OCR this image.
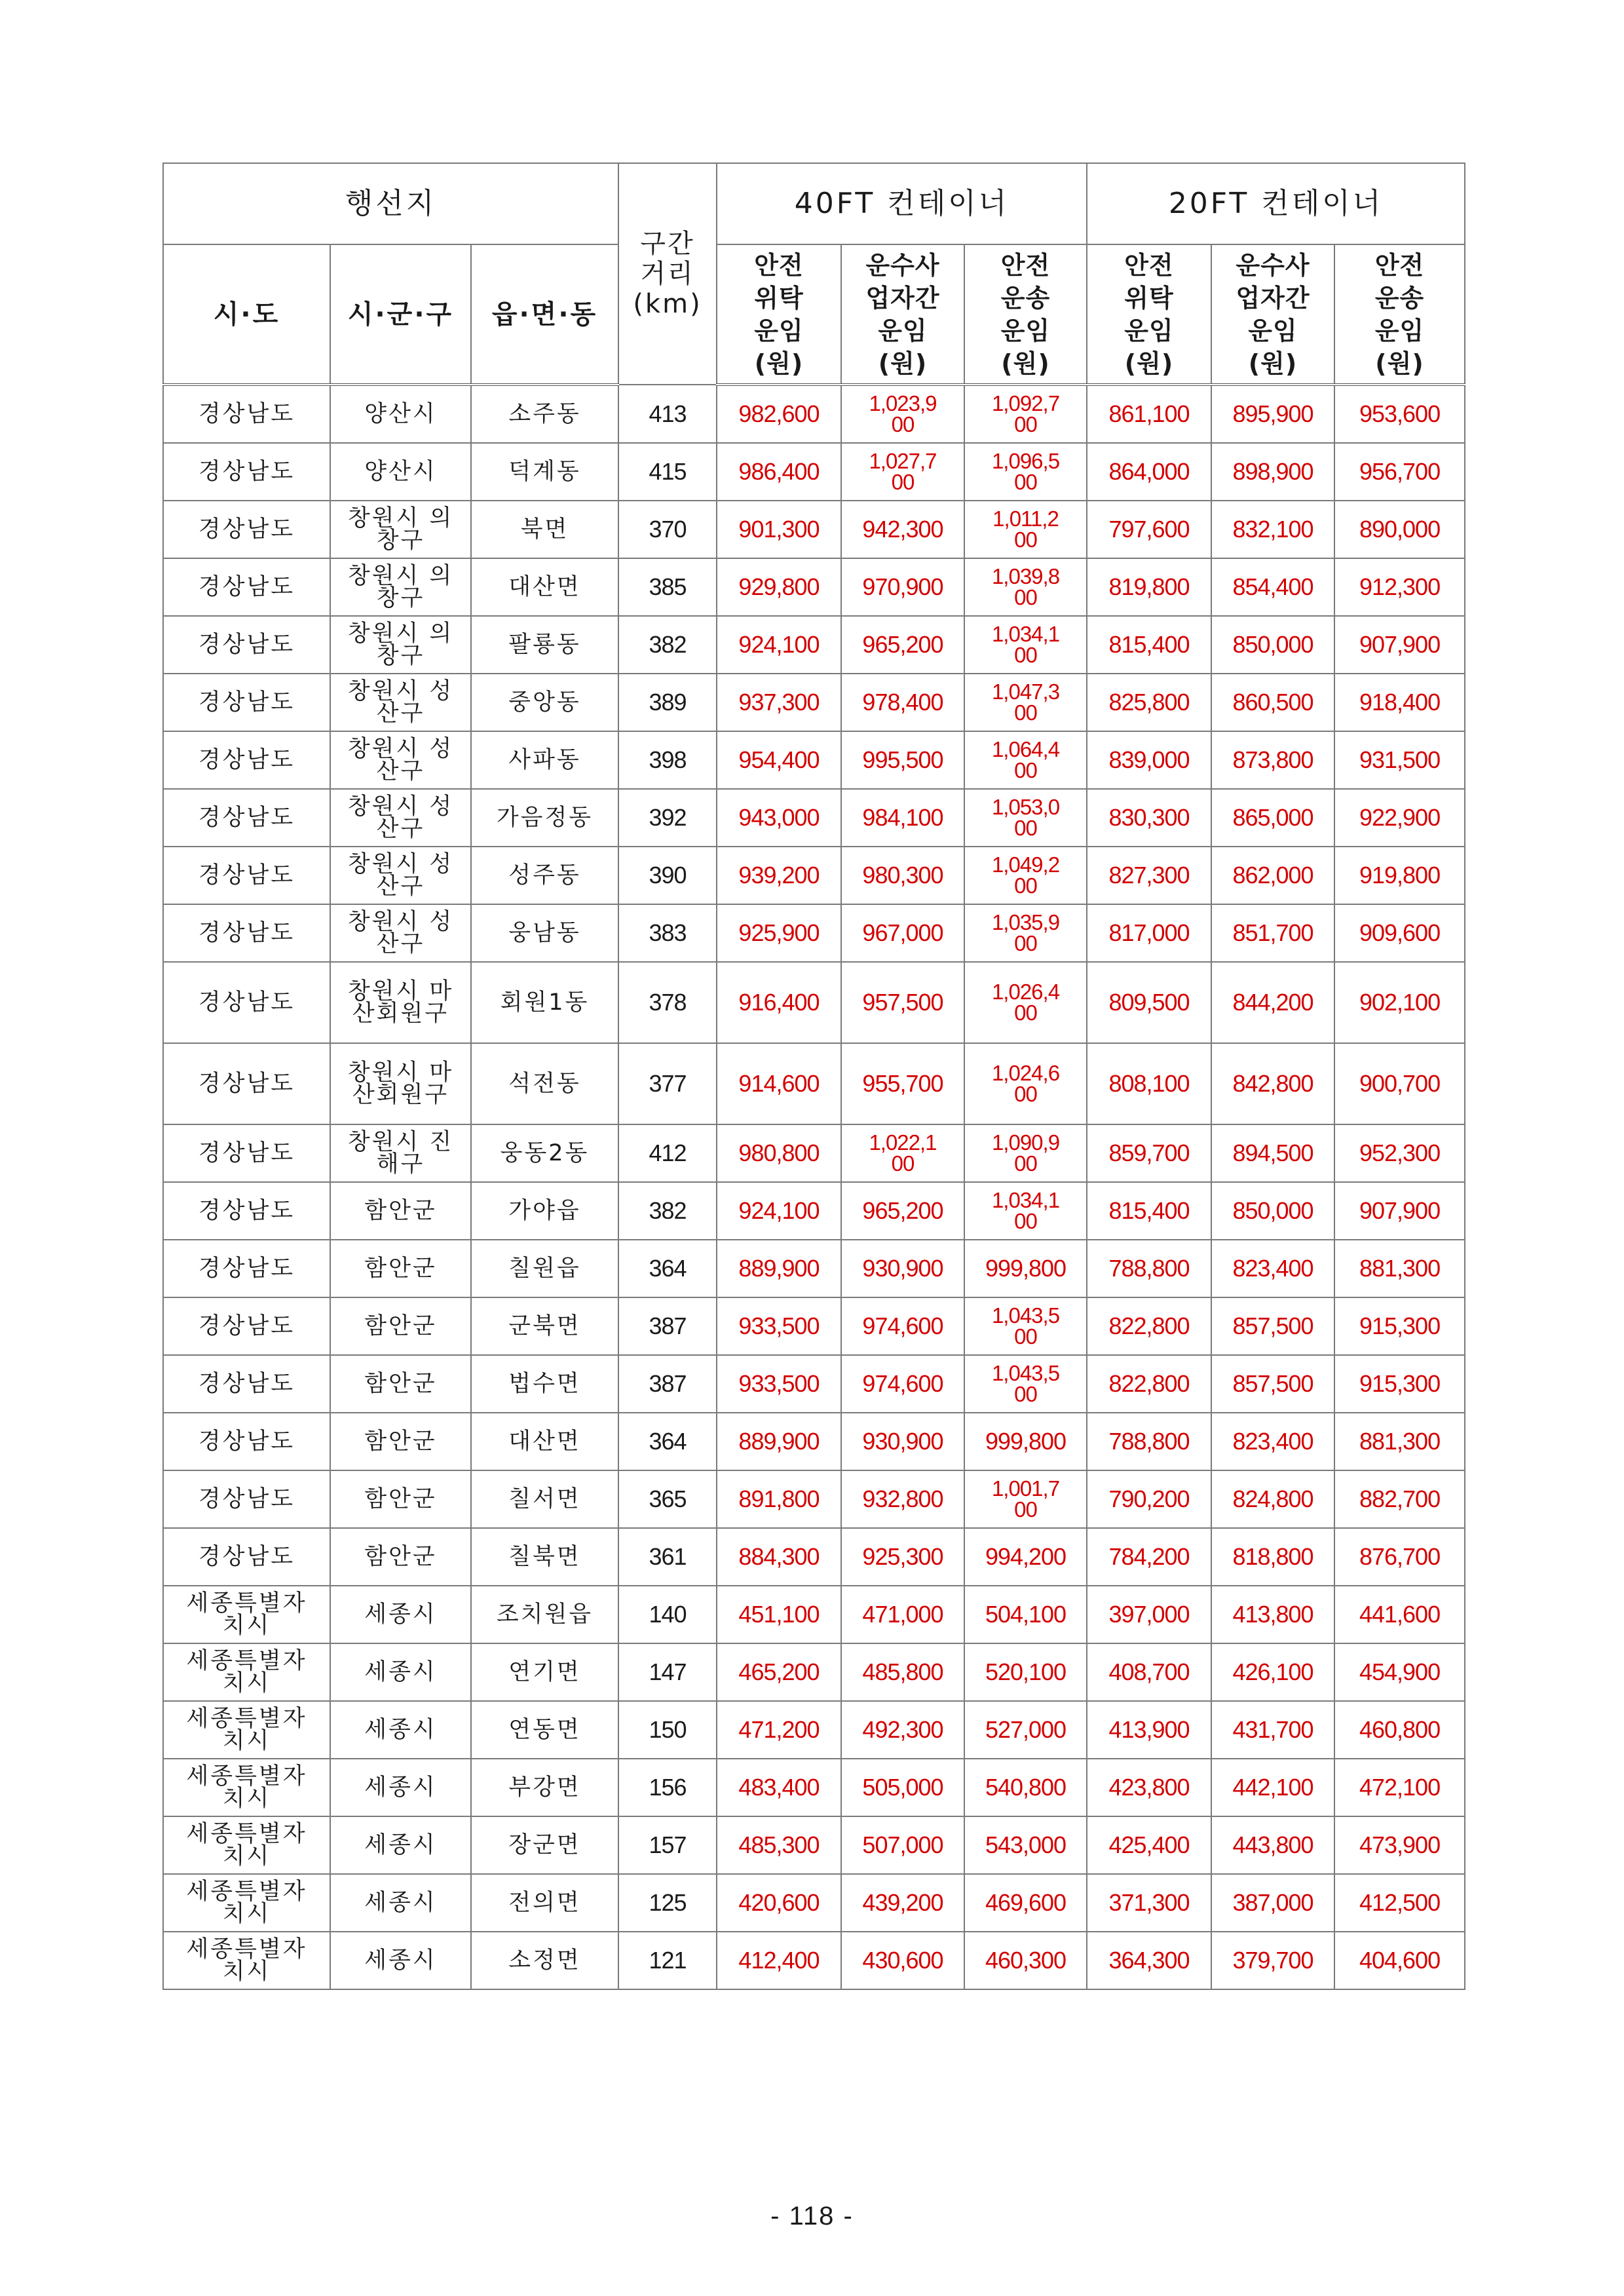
행선지			구간거리(km)	40FT 컨테이너			20FT 컨테이너		
시·도	시·군·구	읍·면·동		안전위탁운임(원)	운수사업자간 운임(원)	안전운송운임(원)	안전위탁운임(원)	운수사업자간 운임(원)	안전운송운임(원)
경상남도	양산시	소주동	413	982,600	1,023,900	1,092,700	861,100	895,900	953,600
경상남도	양산시	덕계동	415	986,400	1,027,700	1,096,500	864,000	898,900	956,700
경상남도	창원시 의창구	북면	370	901,300	942,300	1,011,200	797,600	832,100	890,000
경상남도	창원시 의창구	대산면	385	929,800	970,900	1,039,800	819,800	854,400	912,300
경상남도	창원시 의창구	팔룡동	382	924,100	965,200	1,034,100	815,400	850,000	907,900
경상남도	창원시 성산구	중앙동	389	937,300	978,400	1,047,300	825,800	860,500	918,400
경상남도	창원시 성산구	사파동	398	954,400	995,500	1,064,400	839,000	873,800	931,500
경상남도	창원시 성산구	가음정동	392	943,000	984,100	1,053,000	830,300	865,000	922,900
경상남도	창원시 성산구	성주동	390	939,200	980,300	1,049,200	827,300	862,000	919,800
경상남도	창원시 성산구	웅남동	383	925,900	967,000	1,035,900	817,000	851,700	909,600
경상남도	창원시 마산회원구	회원1동	378	916,400	957,500	1,026,400	809,500	844,200	902,100
경상남도	창원시 마산회원구	석전동	377	914,600	955,700	1,024,600	808,100	842,800	900,700
경상남도	창원시 진해구	웅동2동	412	980,800	1,022,100	1,090,900	859,700	894,500	952,300
경상남도	함안군	가야읍	382	924,100	965,200	1,034,100	815,400	850,000	907,900
경상남도	함안군	칠원읍	364	889,900	930,900	999,800	788,800	823,400	881,300
경상남도	함안군	군북면	387	933,500	974,600	1,043,500	822,800	857,500	915,300
경상남도	함안군	법수면	387	933,500	974,600	1,043,500	822,800	857,500	915,300
경상남도	함안군	대산면	364	889,900	930,900	999,800	788,800	823,400	881,300
경상남도	함안군	칠서면	365	891,800	932,800	1,001,700	790,200	824,800	882,700
경상남도	함안군	칠북면	361	884,300	925,300	994,200	784,200	818,800	876,700
세종특별자치시	세종시	조치원읍	140	451,100	471,000	504,100	397,000	413,800	441,600
세종특별자치시	세종시	연기면	147	465,200	485,800	520,100	408,700	426,100	454,900
세종특별자치시	세종시	연동면	150	471,200	492,300	527,000	413,900	431,700	460,800
세종특별자치시	세종시	부강면	156	483,400	505,000	540,800	423,800	442,100	472,100
세종특별자치시	세종시	장군면	157	485,300	507,000	543,000	425,400	443,800	473,900
세종특별자치시	세종시	전의면	125	420,600	439,200	469,600	371,300	387,000	412,500
세종특별자치시	세종시	소정면	121	412,400	430,600	460,300	364,300	379,700	404,600
- 118 -
